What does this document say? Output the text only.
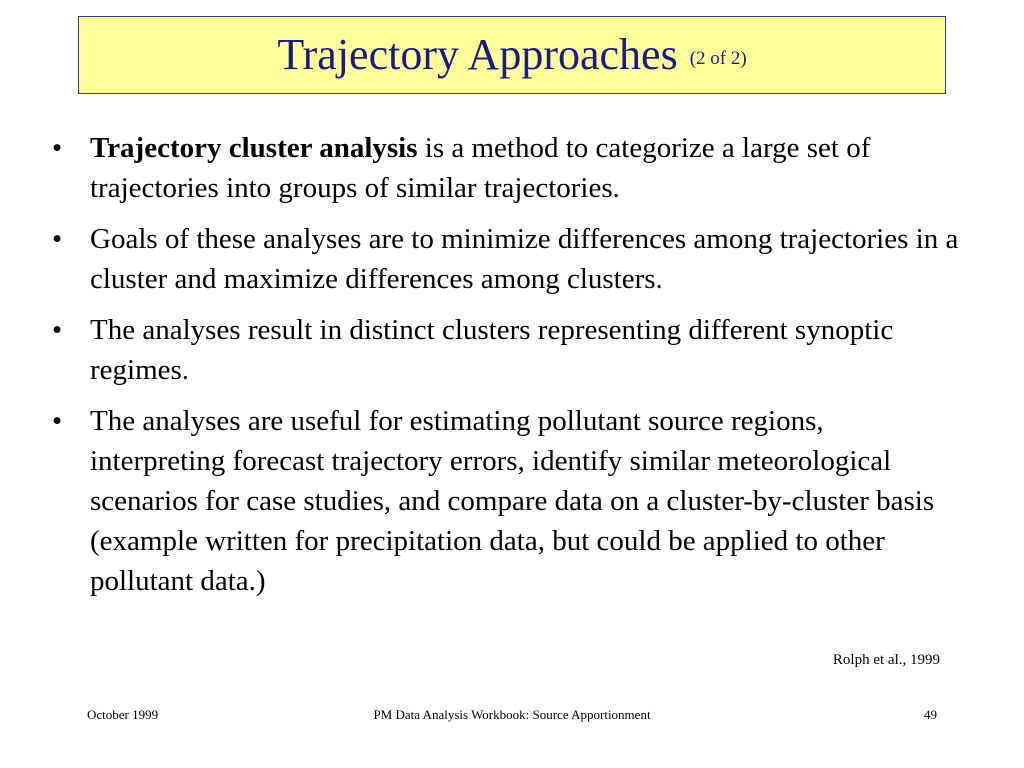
Trajectory Approaches (2 of 2)
• Trajectory cluster analysis is a method to categorize a large set of trajectories into groups of similar trajectories.
• Goals of these analyses are to minimize differences among trajectories in a cluster and maximize differences among clusters.
• The analyses result in distinct clusters representing different synoptic regimes.
• The analyses are useful for estimating pollutant source regions, interpreting forecast trajectory errors, identify similar meteorological scenarios for case studies, and compare data on a cluster-by-cluster basis (example written for precipitation data, but could be applied to other pollutant data.)
Rolph et al., 1999
PM Data Analysis Workbook: Source Apportionment
October 1999	49
